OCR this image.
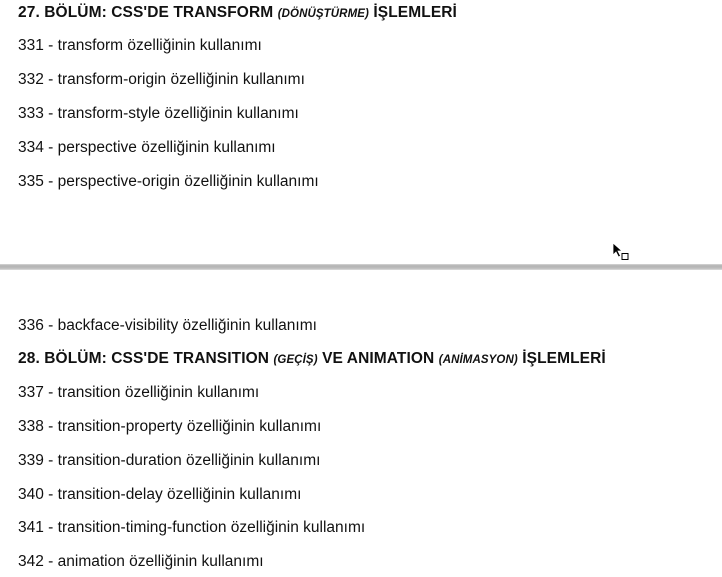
27. BÖLÜM: CSS'DE TRANSFORM (DÖNÜŞTÜRME) İŞLEMLERİ
331 - transform özelliğinin kullanımı
332 - transform-origin özelliğinin kullanımı
333 - transform-style özelliğinin kullanımı
334 - perspective özelliğinin kullanımı
335 - perspective-origin özelliğinin kullanımı
336 - backface-visibility özelliğinin kullanımı
28. BÖLÜM: CSS'DE TRANSITION (GEÇİŞ) VE ANIMATION (ANİMASYON) İŞLEMLERİ
337 - transition özelliğinin kullanımı
338 - transition-property özelliğinin kullanımı
339 - transition-duration özelliğinin kullanımı
340 - transition-delay özelliğinin kullanımı
341 - transition-timing-function özelliğinin kullanımı
342 - animation özelliğinin kullanımı
